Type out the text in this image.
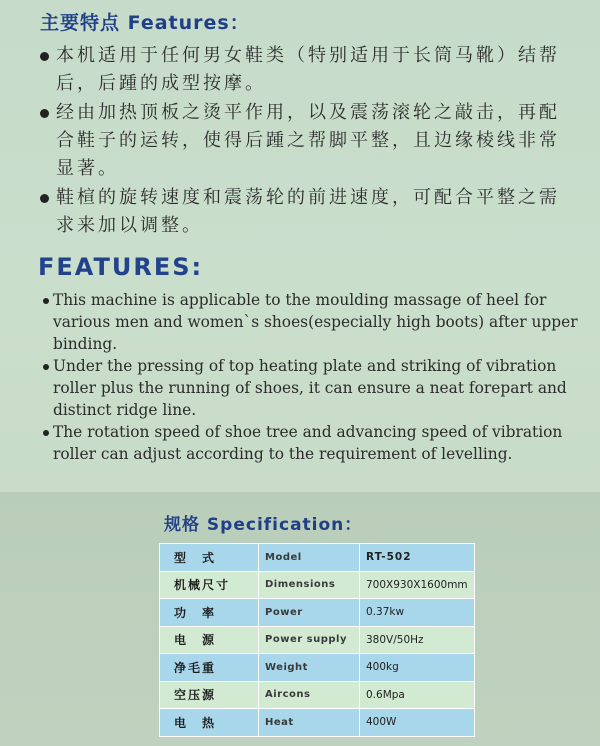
主要特点 Features：
本机适用于任何男女鞋类（特别适用于长筒马靴）结帮后，后踵的成型按摩。
经由加热顶板之烫平作用，以及震荡滚轮之敲击，再配合鞋子的运转，使得后踵之帮脚平整，且边缘棱线非常显著。
鞋楦的旋转速度和震荡轮的前进速度，可配合平整之需求来加以调整。
FEATURES:
This machine is applicable to the moulding massage of heel for various men and women`s shoes(especially high boots) after upper binding.
Under the pressing of top heating plate and striking of vibration roller plus the running of shoes, it can ensure a neat forepart and distinct ridge line.
The rotation speed of shoe tree and advancing speed of vibration roller can adjust according to the requirement of levelling.
规格 Specification：
型　式	Model	RT-502
机械尺寸	Dimensions	700X930X1600mm
功　率	Power	0.37kw
电　源	Power supply	380V/50Hz
净毛重	Weight	400kg
空压源	Aircons	0.6Mpa
电　热	Heat	400W
